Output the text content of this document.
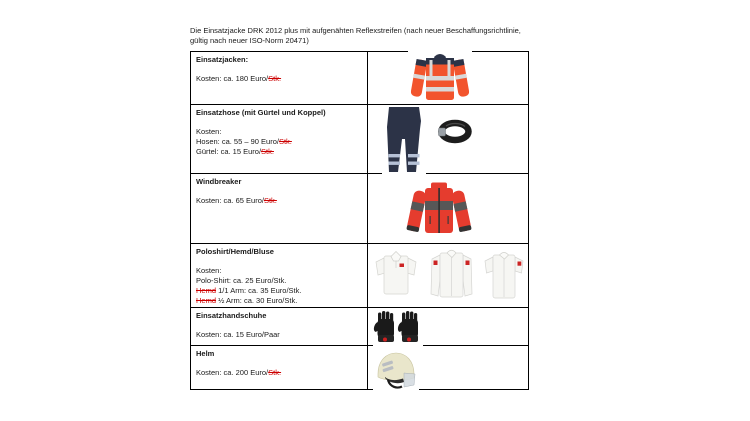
Die Einsatzjacke DRK 2012 plus mit aufgenähten Reflexstreifen (nach neuer Beschaffungsrichtlinie,
gültig nach neuer ISO-Norm 20471)
Einsatzjacken:
Kosten: ca. 180 Euro/Stk.
Einsatzhose (mit Gürtel und Koppel)
Kosten:
Hosen: ca. 55 – 90 Euro/Stk.
Gürtel: ca. 15 Euro/Stk.
Windbreaker
Kosten: ca. 65 Euro/Stk.
Poloshirt/Hemd/Bluse
Kosten:
Polo-Shirt: ca. 25 Euro/Stk.
Hemd 1/1 Arm: ca. 35 Euro/Stk.
Hemd ½ Arm: ca. 30 Euro/Stk.
Einsatzhandschuhe
Kosten: ca. 15 Euro/Paar
Helm
Kosten: ca. 200 Euro/Stk.
